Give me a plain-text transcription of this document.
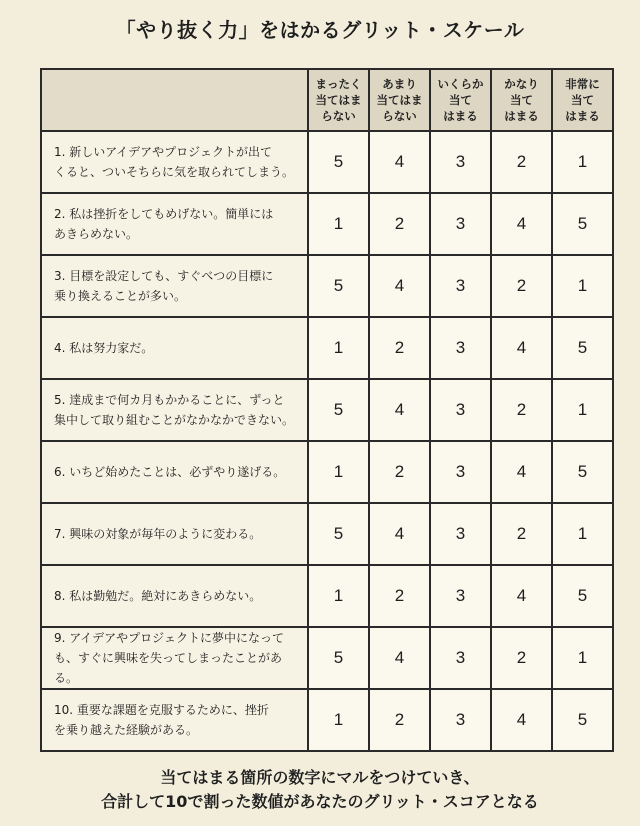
「やり抜く力」をはかるグリット・スケール

	まったく
当てはま
らない	あまり
当てはま
らない	いくらか
当て
はまる	かなり
当て
はまる	非常に
当て
はまる

1. 新しいアイデアやプロジェクトが出て
くると、ついそちらに気を取られてしまう。	5	4	3	2	1

2. 私は挫折をしてもめげない。簡単には
あきらめない。	1	2	3	4	5

3. 目標を設定しても、すぐべつの目標に
乗り換えることが多い。	5	4	3	2	1

4. 私は努力家だ。	1	2	3	4	5

5. 達成まで何カ月もかかることに、ずっと
集中して取り組むことがなかなかできない。	5	4	3	2	1

6. いちど始めたことは、必ずやり遂げる。	1	2	3	4	5

7. 興味の対象が毎年のように変わる。	5	4	3	2	1

8. 私は勤勉だ。絶対にあきらめない。	1	2	3	4	5

9. アイデアやプロジェクトに夢中になって
も、すぐに興味を失ってしまったことがある。	5	4	3	2	1

10. 重要な課題を克服するために、挫折
を乗り越えた経験がある。	1	2	3	4	5
当てはまる箇所の数字にマルをつけていき、
合計して10で割った数値があなたのグリット・スコアとなる
